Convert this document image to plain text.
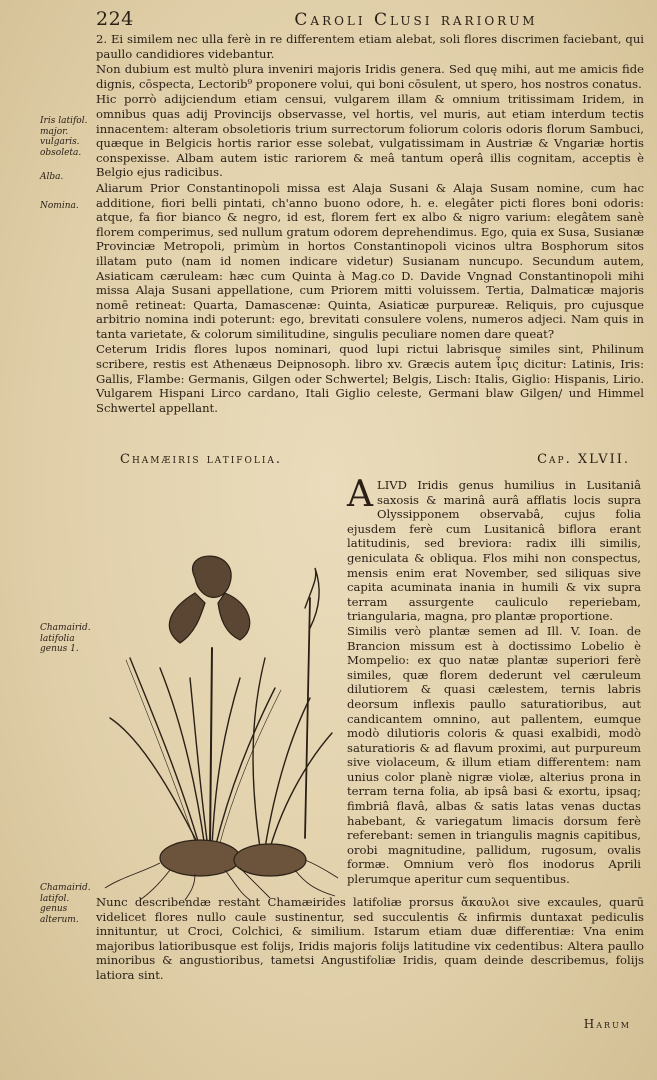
224	Caroli Clusi rariorum

2. Ei similem nec ulla ferè in re differentem etiam alebat, soli flores discrimen faciebant, qui paullo candidiores videbantur.

Non dubium est multò plura inveniri majoris Iridis genera. Sed quę mihi, aut me amicis fide dignis, cōspecta, Lectorib⁹ proponere volui, qui boni cōsulent, ut spero, hos nostros conatus.

Hic porrò adijciendum etiam censui, vulgarem illam & omnium tritissimam Iridem, in omnibus quas adij Provincijs observasse, vel hortis, vel muris, aut etiam interdum tectis innacentem: alteram obsoletioris trium surrectorum foliorum coloris odoris florum Sambuci, quæque in Belgicis hortis rarior esse solebat, vulgatissimam in Austriæ & Vngariæ hortis conspexisse. Albam autem istic rariorem & meâ tantum operâ illis cognitam, acceptis è Belgio ejus radicibus.

Aliarum Prior Constantinopoli missa est Alaja Susani & Alaja Susam nomine, cum hac additione, fiori belli pintati, ch'anno buono odore, h. e. elegâter picti flores boni odoris: atque, fa fior bianco & negro, id est, florem fert ex albo & nigro varium: elegâtem sanè florem comperimus, sed nullum gratum odorem deprehendimus. Ego, quia ex Susa, Susianæ Provinciæ Metropoli, primùm in hortos Constantinopoli vicinos ultra Bosphorum sitos illatam puto (nam id nomen indicare videtur) Susianam nuncupo. Secundum autem, Asiaticam cæruleam: hæc cum Quinta à Mag.co D. Davide Vngnad Constantinopoli mihi missa Alaja Susani appellatione, cum Priorem mitti voluissem. Tertia, Dalmaticæ majoris nomē retineat: Quarta, Damascenæ: Quinta, Asiaticæ purpureæ. Reliquis, pro cujusque arbitrio nomina indi poterunt: ego, brevitati consulere volens, numeros adjeci. Nam quis in tanta varietate, & colorum similitudine, singulis peculiare nomen dare queat?

Ceterum Iridis flores lupos nominari, quod lupi rictui labrisque similes sint, Philinum scribere, restis est Athenæus Deipnosoph. libro xv. Græcis autem ἶρις dicitur: Latinis, Iris: Gallis, Flambe: Germanis, Gilgen oder Schwertel; Belgis, Lisch: Italis, Giglio: Hispanis, Lirio. Vulgarem Hispani Lirco cardano, Itali Giglio celeste, Germani blaw Gilgen/ und Himmel Schwertel appellant.

Iris latifol. major. vulgaris. obsoleta.
Alba.
Nomina.
Chamairid. latifolia genus 1.
Chamairid. latifol. genus alterum.
Chamæiris latifolia.	Cap. XLVII.

ALIVD Iridis genus humilius in Lusitaniâ saxosis & marinâ aurâ afflatis locis supra Olyssipponem observabâ, cujus folia ejusdem ferè cum Lusitanicâ biflora erant latitudinis, sed breviora: radix illi similis, geniculata & obliqua. Flos mihi non conspectus, mensis enim erat November, sed siliquas sive capita acuminata inania in humili & vix supra terram assurgente cauliculo reperiebam, triangularia, magna, pro plantæ proportione.

Similis verò plantæ semen ad Ill. V. Ioan. de Brancion missum est à doctissimo Lobelio è Mompelio: ex quo natæ plantæ superiori ferè similes, quæ florem dederunt vel cæruleum dilutiorem & quasi cælestem, ternis labris deorsum inflexis paullo saturatioribus, aut candicantem omnino, aut pallentem, eumque modò dilutioris coloris & quasi exalbidi, modò saturatioris & ad flavum proximi, aut purpureum sive violaceum, & illum etiam differentem: nam unius color planè nigræ violæ, alterius prona in terram terna folia, ab ipsâ basi & exortu, ipsaq; fimbriâ flavâ, albas & satis latas venas ductas habebant, & variegatum limacis dorsum ferè referebant: semen in triangulis magnis capitibus, orobi magnitudine, pallidum, rugosum, ovalis formæ. Omnium verò flos inodorus Aprili plerumque aperitur cum sequentibus.

Nunc describendæ restant Chamæirides latifoliæ prorsus ἄκαυλοι sive excaules, quarū videlicet flores nullo caule sustinentur, sed succulentis & infirmis duntaxat pediculis innituntur, ut Croci, Colchici, & similium. Istarum etiam duæ differentiæ: Vna enim majoribus latioribusque est folijs, Iridis majoris folijs latitudine vix cedentibus: Altera paullo minoribus & angustioribus, tametsi Angustifoliæ Iridis, quam deinde describemus, folijs latiora sint.

Harum
